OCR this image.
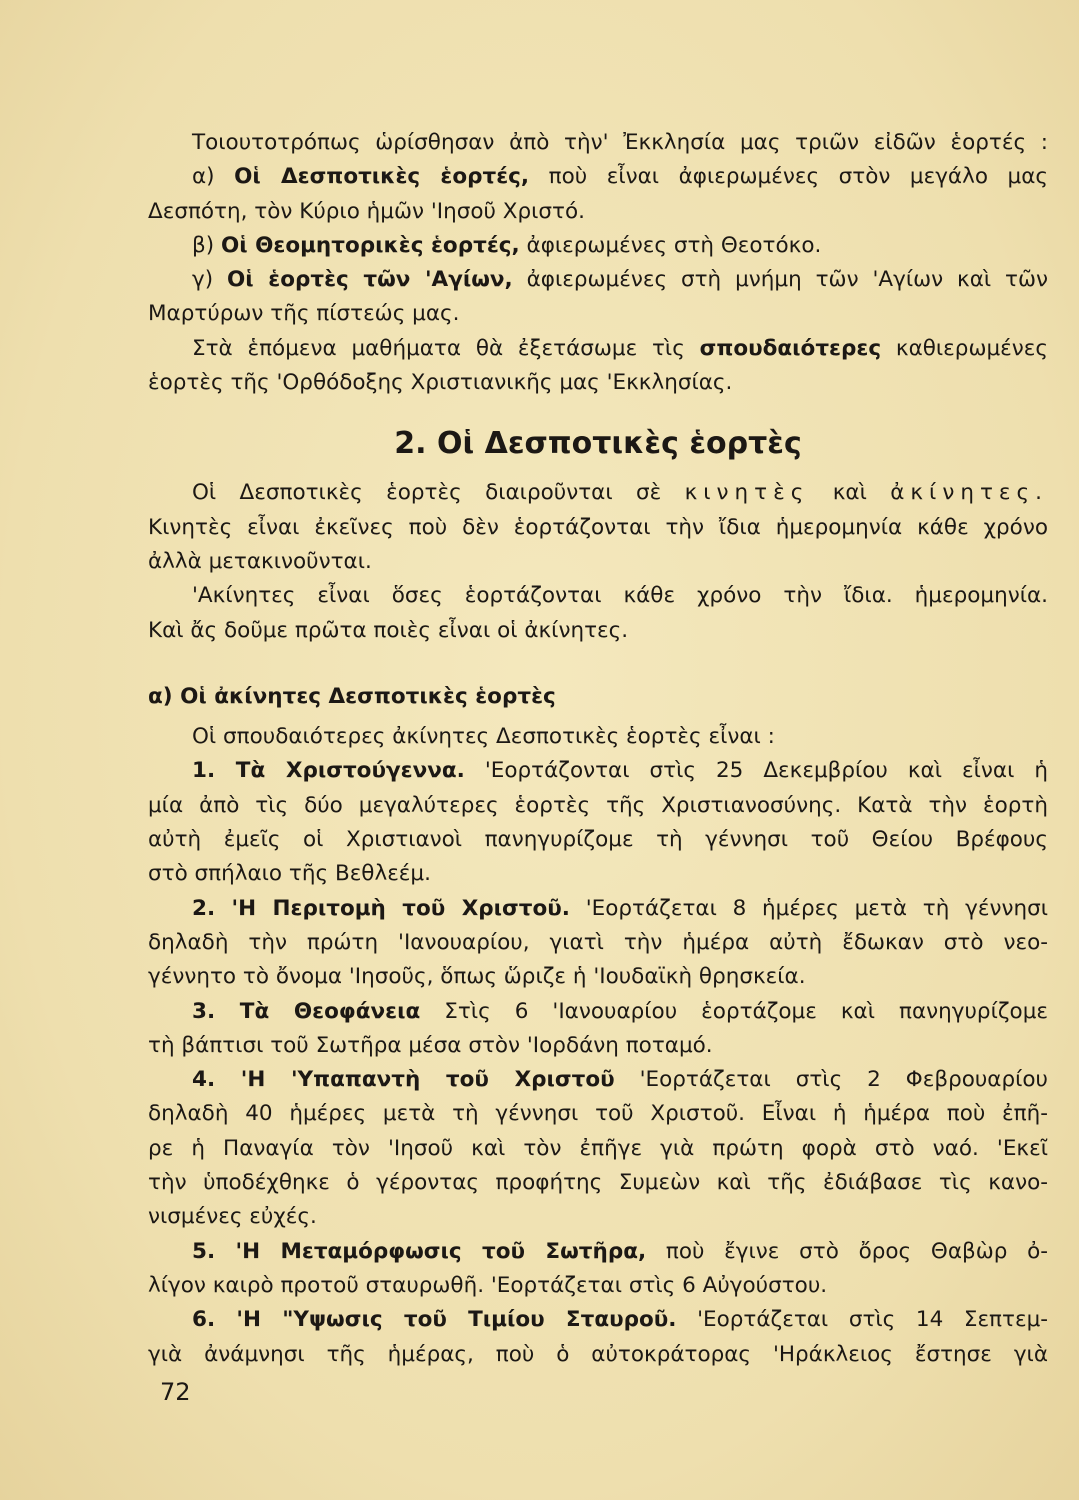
Τοιουτοτρόπως ὡρίσθησαν ἀπὸ τὴν' Ἐκκλησία μας τριῶν εἰδῶν ἑορτές :
α) Οἱ Δεσποτικὲς ἑορτές, ποὺ εἶναι ἀφιερωμένες στὸν μεγάλο μας
Δεσπότη, τὸν Κύριο ἡμῶν 'Ιησοῦ Χριστό.
β) Οἱ Θεομητορικὲς ἑορτές, ἀφιερωμένες στὴ Θεοτόκο.
γ) Οἱ ἑορτὲς τῶν 'Αγίων, ἀφιερωμένες στὴ μνήμη τῶν 'Αγίων καὶ τῶν
Μαρτύρων τῆς πίστεώς μας.
Στὰ ἑπόμενα μαθήματα θὰ ἐξετάσωμε τὶς σπουδαιότερες καθιερωμένες
ἑορτὲς τῆς 'Ορθόδοξης Χριστιανικῆς μας 'Εκκλησίας.
2. Οἱ Δεσποτικὲς ἑορτὲς
Οἱ Δεσποτικὲς ἑορτὲς διαιροῦνται σὲ κινητὲς καὶ ἀκίνητες.
Κινητὲς εἶναι ἐκεῖνες ποὺ δὲν ἑορτάζονται τὴν ἴδια ἡμερομηνία κάθε χρόνο
ἀλλὰ μετακινοῦνται.
'Ακίνητες εἶναι ὅσες ἑορτάζονται κάθε χρόνο τὴν ἴδια. ἡμερομηνία.
Καὶ ἄς δοῦμε πρῶτα ποιὲς εἶναι οἱ ἀκίνητες.
α) Οἱ ἀκίνητες Δεσποτικὲς ἑορτὲς
Οἱ σπουδαιότερες ἀκίνητες Δεσποτικὲς ἑορτὲς εἶναι :
1. Τὰ Χριστούγεννα. 'Εορτάζονται στὶς 25 Δεκεμβρίου καὶ εἶναι ἡ
μία ἀπὸ τὶς δύο μεγαλύτερες ἑορτὲς τῆς Χριστιανοσύνης. Κατὰ τὴν ἑορτὴ
αὐτὴ ἐμεῖς οἱ Χριστιανοὶ πανηγυρίζομε τὴ γέννησι τοῦ Θείου Βρέφους
στὸ σπήλαιο τῆς Βεθλεέμ.
2. 'Η Περιτομὴ τοῦ Χριστοῦ. 'Εορτάζεται 8 ἡμέρες μετὰ τὴ γέννησι
δηλαδὴ τὴν πρώτη 'Ιανουαρίου, γιατὶ τὴν ἡμέρα αὐτὴ ἔδωκαν στὸ νεο-
γέννητο τὸ ὄνομα 'Ιησοῦς, ὅπως ὥριζε ἡ 'Ιουδαϊκὴ θρησκεία.
3. Τὰ Θεοφάνεια Στὶς 6 'Ιανουαρίου ἑορτάζομε καὶ πανηγυρίζομε
τὴ βάπτισι τοῦ Σωτῆρα μέσα στὸν 'Ιορδάνη ποταμό.
4. 'Η 'Υπαπαντὴ τοῦ Χριστοῦ 'Εορτάζεται στὶς 2 Φεβρουαρίου
δηλαδὴ 40 ἡμέρες μετὰ τὴ γέννησι τοῦ Χριστοῦ. Εἶναι ἡ ἡμέρα ποὺ ἐπῆ-
ρε ἡ Παναγία τὸν 'Ιησοῦ καὶ τὸν ἐπῆγε γιὰ πρώτη φορὰ στὸ ναό. 'Εκεῖ
τὴν ὑποδέχθηκε ὁ γέροντας προφήτης Συμεὼν καὶ τῆς ἐδιάβασε τὶς κανο-
νισμένες εὐχές.
5. 'Η Μεταμόρφωσις τοῦ Σωτῆρα, ποὺ ἔγινε στὸ ὄρος Θαβὼρ ὀ-
λίγον καιρὸ προτοῦ σταυρωθῆ. 'Εορτάζεται στὶς 6 Αὐγούστου.
6. 'Η "Υψωσις τοῦ Τιμίου Σταυροῦ. 'Εορτάζεται στὶς 14 Σεπτεμ-
γιὰ ἀνάμνησι τῆς ἡμέρας, ποὺ ὁ αὐτοκράτορας 'Ηράκλειος ἔστησε γιὰ
72
